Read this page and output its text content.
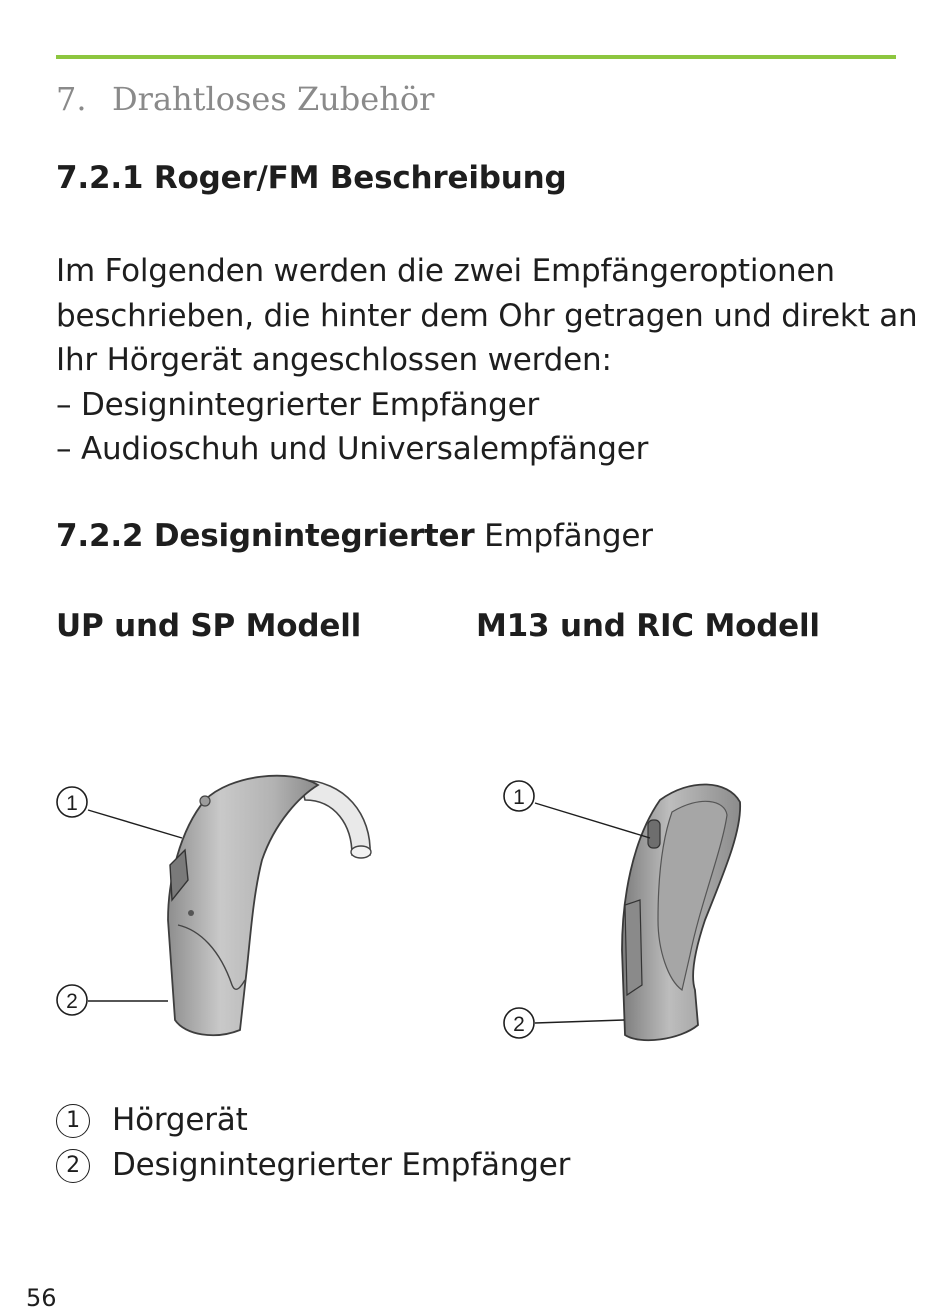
7. Drahtloses Zubehör
7.2.1 Roger/FM Beschreibung
Im Folgenden werden die zwei Empfängeroptionen
beschrieben, die hinter dem Ohr getragen und direkt an
Ihr Hörgerät angeschlossen werden:
– Designintegrierter Empfänger
– Audioschuh und Universalempfänger
7.2.2 Designintegrierter Empfänger
UP und SP Modell	M13 und RIC Modell
1
2
1
2
1	Hörgerät
2	Designintegrierter Empfänger
56
